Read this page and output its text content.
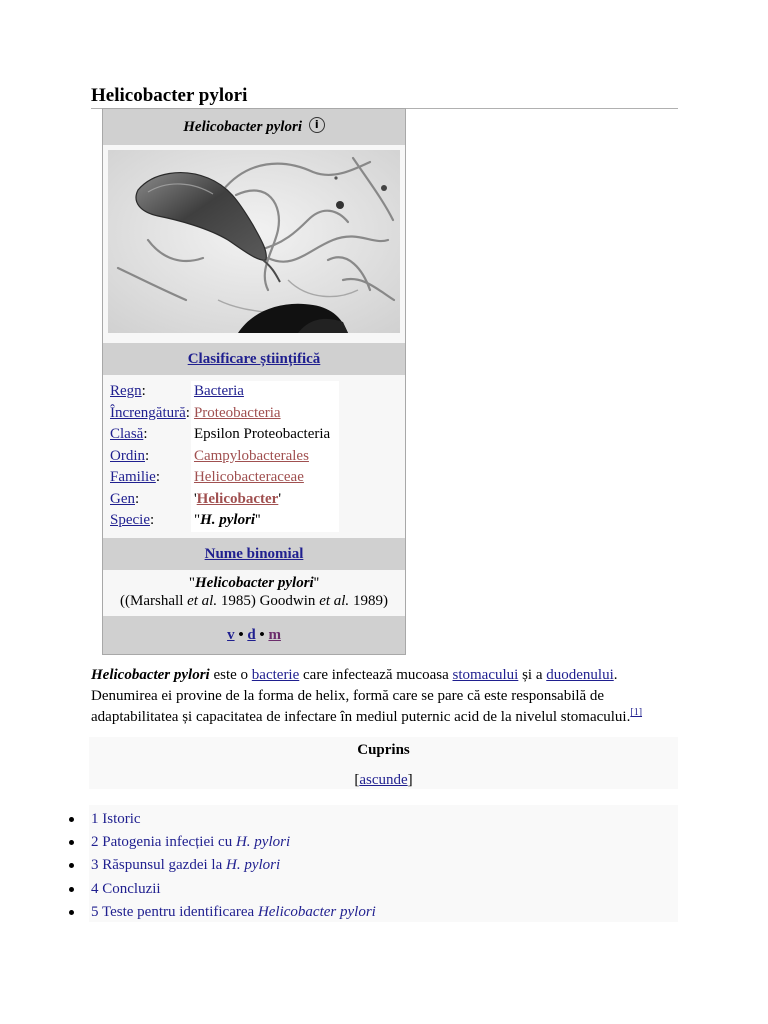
Helicobacter pylori
Helicobacter pylori i
Clasificare științifică
Regn:	Bacteria
Încrengătură:	Proteobacteria
Clasă:	Epsilon Proteobacteria
Ordin:	Campylobacterales
Familie:	Helicobacteraceae
Gen:	'Helicobacter'
Specie:	"H. pylori''
Nume binomial
"Helicobacter pylori''
((Marshall et al. 1985) Goodwin et al. 1989)
v • d • m
Helicobacter pylori este o bacterie care infectează mucoasa stomacului și a duodenului. Denumirea ei provine de la forma de helix, formă care se pare că este responsabilă de adaptabilitatea și capacitatea de infectare în mediul puternic acid de la nivelul stomacului.[1]
Cuprins
[ascunde]
1 Istoric
2 Patogenia infecției cu H. pylori
3 Răspunsul gazdei la H. pylori
4 Concluzii
5 Teste pentru identificarea Helicobacter pylori
